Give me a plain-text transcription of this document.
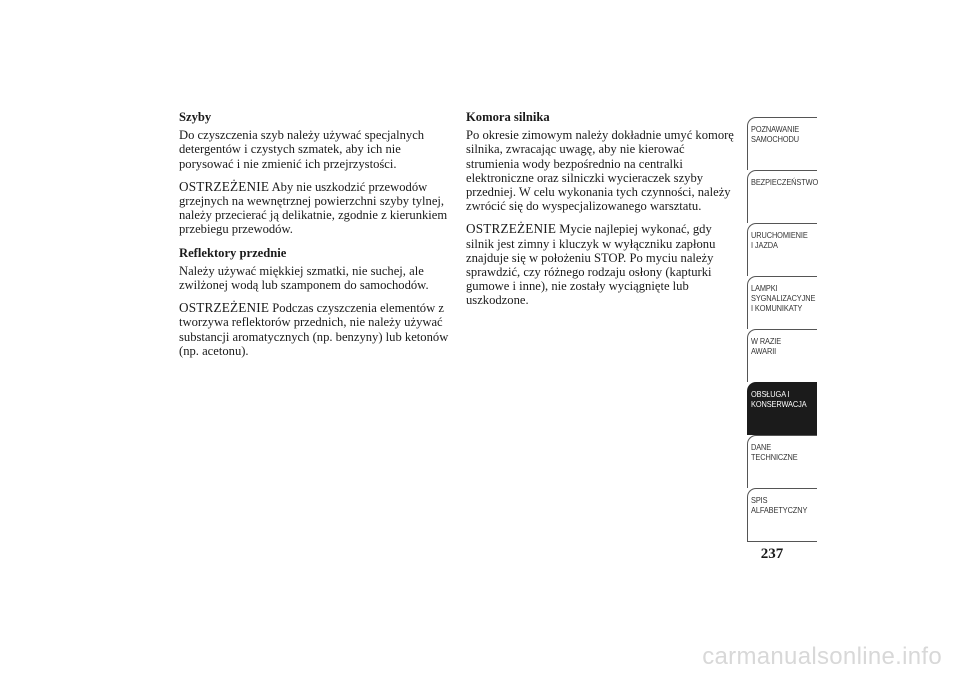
Szyby

Do czyszczenia szyb należy używać specjalnych detergentów i czystych szmatek, aby ich nie porysować i nie zmienić ich przejrzystości.

OSTRZEŻENIE Aby nie uszkodzić przewodów grzejnych na wewnętrznej powierzchni szyby tylnej, należy przecierać ją delikatnie, zgodnie z kierunkiem przebiegu przewodów.

Reflektory przednie

Należy używać miękkiej szmatki, nie suchej, ale zwilżonej wodą lub szamponem do samochodów.

OSTRZEŻENIE Podczas czyszczenia elementów z tworzywa reflektorów przednich, nie należy używać substancji aromatycznych (np. benzyny) lub ketonów (np. acetonu).

Komora silnika

Po okresie zimowym należy dokładnie umyć komorę silnika, zwracając uwagę, aby nie kierować strumienia wody bezpośrednio na centralki elektroniczne oraz silniczki wycieraczek szyby przedniej. W celu wykonania tych czynności, należy zwrócić się do wyspecjalizowanego warsztatu.

OSTRZEŻENIE Mycie najlepiej wykonać, gdy silnik jest zimny i kluczyk w wyłączniku zapłonu znajduje się w położeniu STOP. Po myciu należy sprawdzić, czy różnego rodzaju osłony (kapturki gumowe i inne), nie zostały wyciągnięte lub uszkodzone.

POZNAWANIE SAMOCHODU
BEZPIECZEŃSTWO
URUCHOMIENIE I JAZDA
LAMPKI SYGNALIZACYJNE I KOMUNIKATY
W RAZIE AWARII
OBSŁUGA I KONSERWACJA
DANE TECHNICZNE
SPIS ALFABETYCZNY
237
carmanualsonline.info
